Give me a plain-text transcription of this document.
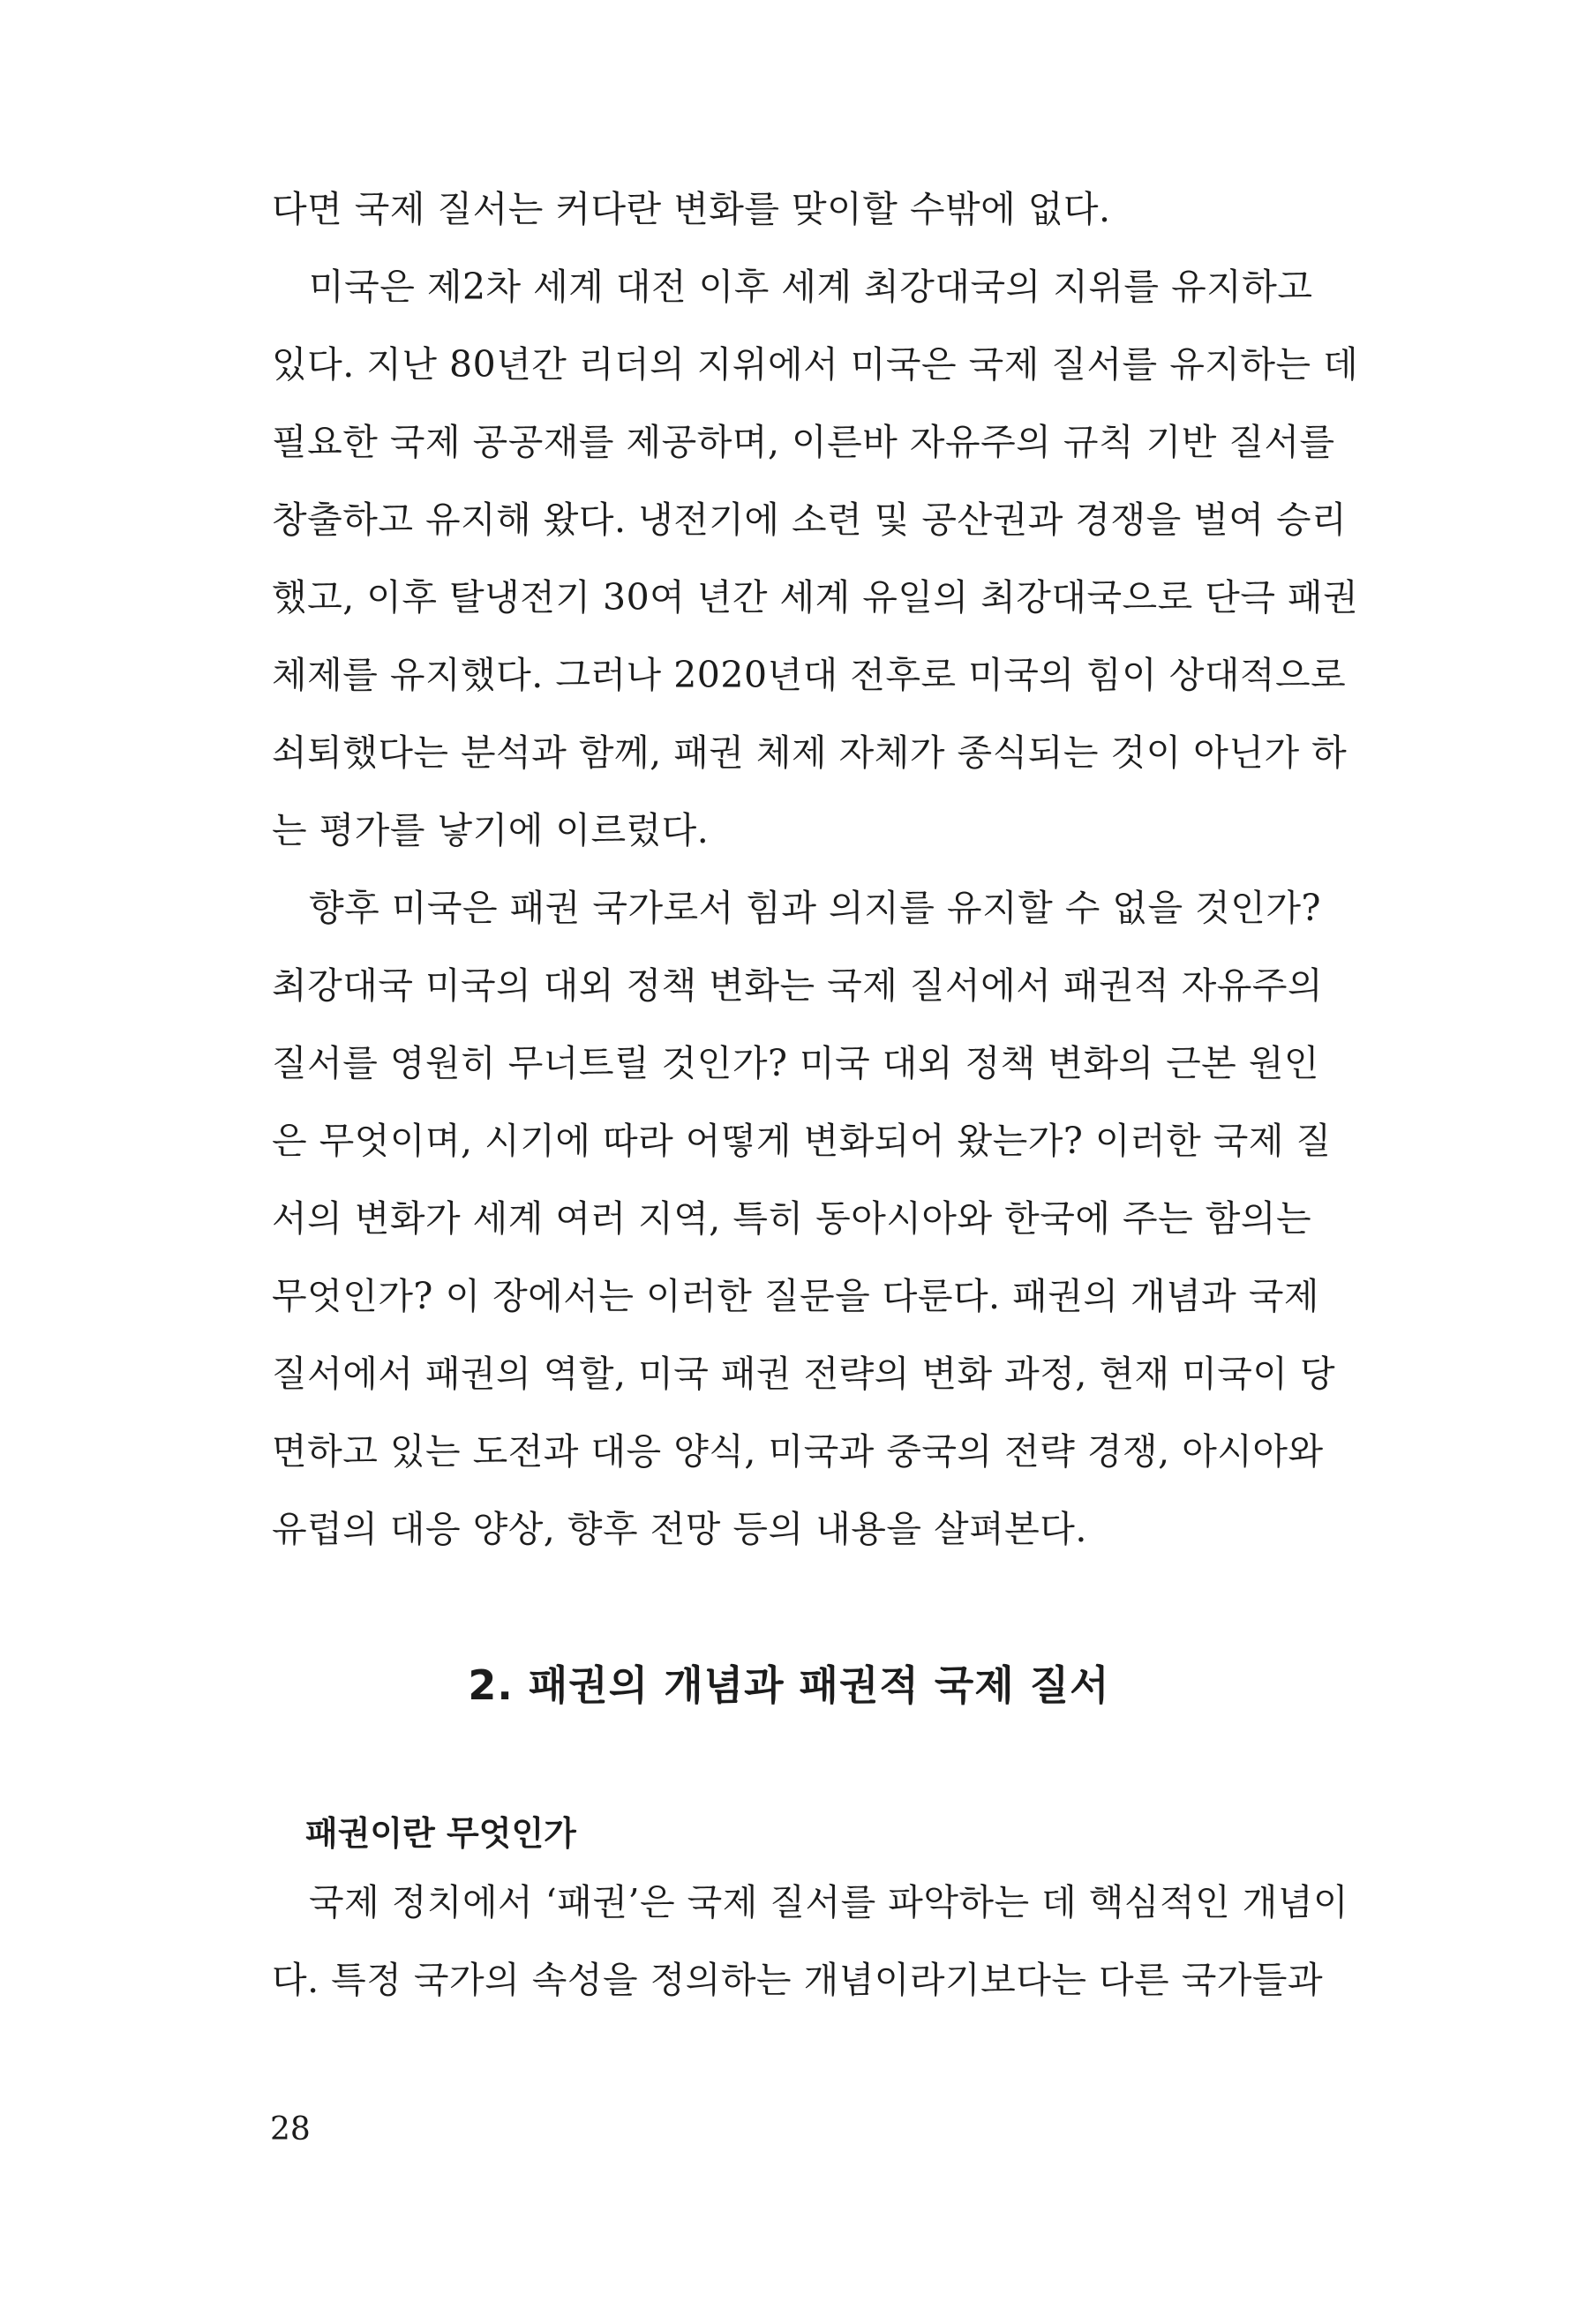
다면 국제 질서는 커다란 변화를 맞이할 수밖에 없다.
미국은 제2차 세계 대전 이후 세계 최강대국의 지위를 유지하고
있다. 지난 80년간 리더의 지위에서 미국은 국제 질서를 유지하는 데
필요한 국제 공공재를 제공하며, 이른바 자유주의 규칙 기반 질서를
창출하고 유지해 왔다. 냉전기에 소련 및 공산권과 경쟁을 벌여 승리
했고, 이후 탈냉전기 30여 년간 세계 유일의 최강대국으로 단극 패권
체제를 유지했다. 그러나 2020년대 전후로 미국의 힘이 상대적으로
쇠퇴했다는 분석과 함께, 패권 체제 자체가 종식되는 것이 아닌가 하
는 평가를 낳기에 이르렀다.
향후 미국은 패권 국가로서 힘과 의지를 유지할 수 없을 것인가?
최강대국 미국의 대외 정책 변화는 국제 질서에서 패권적 자유주의
질서를 영원히 무너트릴 것인가? 미국 대외 정책 변화의 근본 원인
은 무엇이며, 시기에 따라 어떻게 변화되어 왔는가? 이러한 국제 질
서의 변화가 세계 여러 지역, 특히 동아시아와 한국에 주는 함의는
무엇인가? 이 장에서는 이러한 질문을 다룬다. 패권의 개념과 국제
질서에서 패권의 역할, 미국 패권 전략의 변화 과정, 현재 미국이 당
면하고 있는 도전과 대응 양식, 미국과 중국의 전략 경쟁, 아시아와
유럽의 대응 양상, 향후 전망 등의 내용을 살펴본다.
2. 패권의 개념과 패권적 국제 질서
패권이란 무엇인가
국제 정치에서 ‘패권’은 국제 질서를 파악하는 데 핵심적인 개념이
다. 특정 국가의 속성을 정의하는 개념이라기보다는 다른 국가들과
28
